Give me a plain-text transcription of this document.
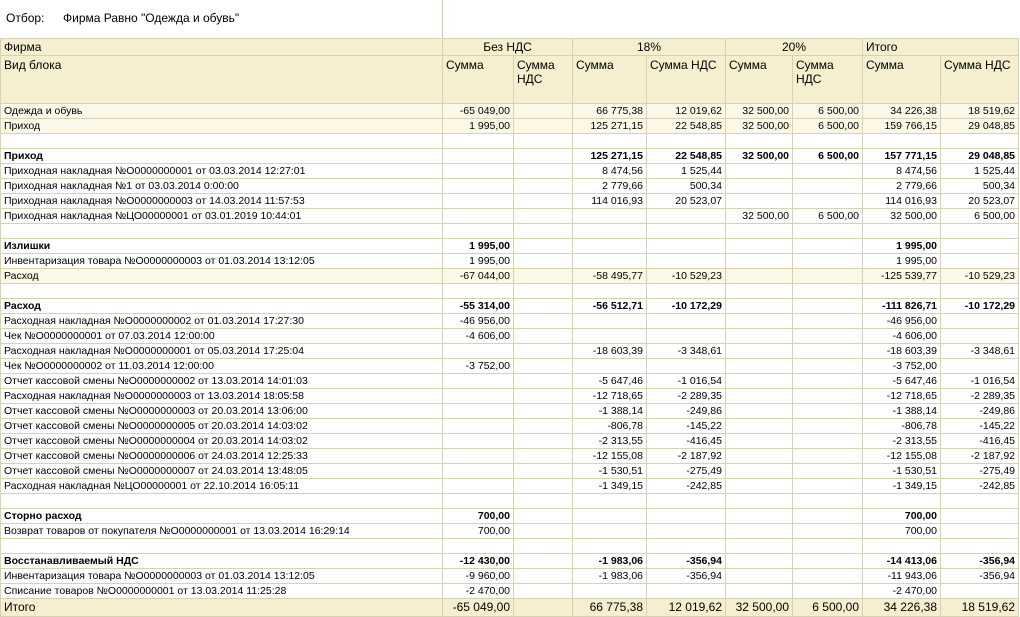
Отбор: Фирма Равно "Одежда и обувь"
Фирма	Без НДС		18%		20%		Итого	
Вид блока	Сумма	Сумма НДС	Сумма	Сумма НДС	Сумма	Сумма НДС	Сумма	Сумма НДС
Одежда и обувь	-65 049,00		66 775,38	12 019,62	32 500,00	6 500,00	34 226,38	18 519,62
Приход	1 995,00		125 271,15	22 548,85	32 500,00	6 500,00	159 766,15	29 048,85

Приход			125 271,15	22 548,85	32 500,00	6 500,00	157 771,15	29 048,85
Приходная накладная №О0000000001 от 03.03.2014 12:27:01			8 474,56	1 525,44			8 474,56	1 525,44
Приходная накладная №1 от 03.03.2014 0:00:00			2 779,66	500,34			2 779,66	500,34
Приходная накладная №О0000000003 от 14.03.2014 11:57:53			114 016,93	20 523,07			114 016,93	20 523,07
Приходная накладная №ЦО00000001 от 03.01.2019 10:44:01					32 500,00	6 500,00	32 500,00	6 500,00

Излишки	1 995,00						1 995,00	
Инвентаризация товара №О0000000003 от 01.03.2014 13:12:05	1 995,00						1 995,00	
Расход	-67 044,00		-58 495,77	-10 529,23			-125 539,77	-10 529,23

Расход	-55 314,00		-56 512,71	-10 172,29			-111 826,71	-10 172,29
Расходная накладная №О0000000002 от 01.03.2014 17:27:30	-46 956,00						-46 956,00	
Чек №О0000000001 от 07.03.2014 12:00:00	-4 606,00						-4 606,00	
Расходная накладная №О0000000001 от 05.03.2014 17:25:04			-18 603,39	-3 348,61			-18 603,39	-3 348,61
Чек №О0000000002 от 11.03.2014 12:00:00	-3 752,00						-3 752,00	
Отчет кассовой смены №О0000000002 от 13.03.2014 14:01:03			-5 647,46	-1 016,54			-5 647,46	-1 016,54
Расходная накладная №О0000000003 от 13.03.2014 18:05:58			-12 718,65	-2 289,35			-12 718,65	-2 289,35
Отчет кассовой смены №О0000000003 от 20.03.2014 13:06:00			-1 388,14	-249,86			-1 388,14	-249,86
Отчет кассовой смены №О0000000005 от 20.03.2014 14:03:02			-806,78	-145,22			-806,78	-145,22
Отчет кассовой смены №О0000000004 от 20.03.2014 14:03:02			-2 313,55	-416,45			-2 313,55	-416,45
Отчет кассовой смены №О0000000006 от 24.03.2014 12:25:33			-12 155,08	-2 187,92			-12 155,08	-2 187,92
Отчет кассовой смены №О0000000007 от 24.03.2014 13:48:05			-1 530,51	-275,49			-1 530,51	-275,49
Расходная накладная №ЦО00000001 от 22.10.2014 16:05:11			-1 349,15	-242,85			-1 349,15	-242,85

Сторно расход	700,00						700,00	
Возврат товаров от покупателя №О0000000001 от 13.03.2014 16:29:14	700,00						700,00	

Восстанавливаемый НДС	-12 430,00		-1 983,06	-356,94			-14 413,06	-356,94
Инвентаризация товара №О0000000003 от 01.03.2014 13:12:05	-9 960,00		-1 983,06	-356,94			-11 943,06	-356,94
Списание товаров №О0000000001 от 13.03.2014 11:25:28	-2 470,00						-2 470,00	
Итого	-65 049,00		66 775,38	12 019,62	32 500,00	6 500,00	34 226,38	18 519,62
